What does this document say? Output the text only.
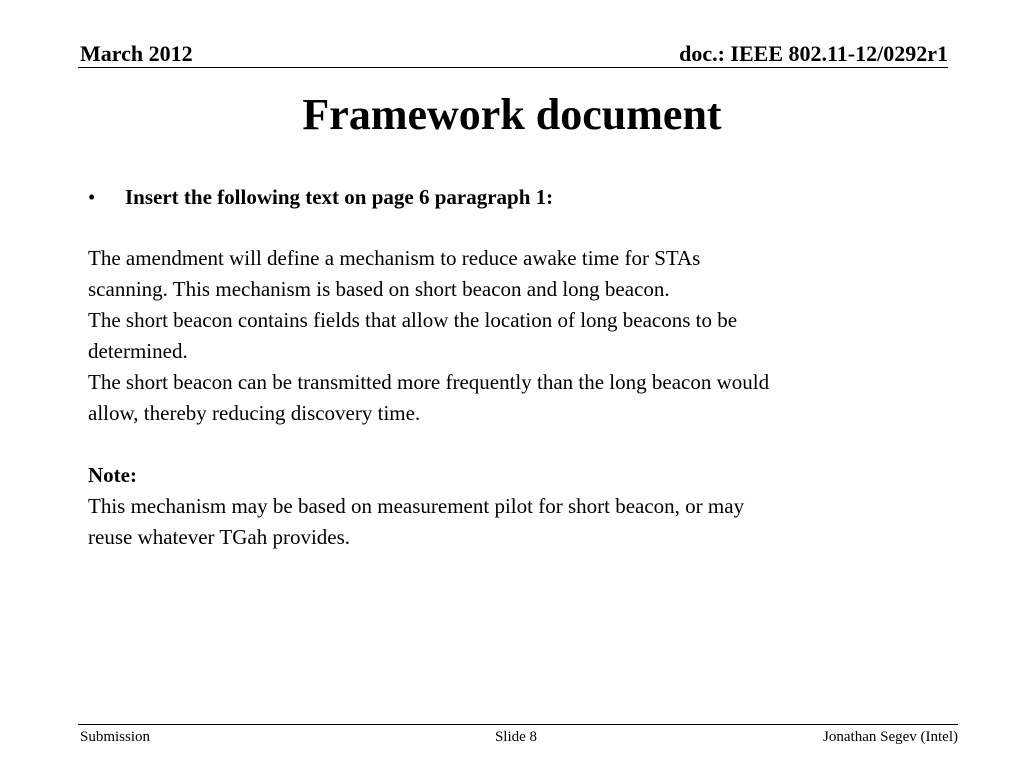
March 2012	doc.: IEEE 802.11-12/0292r1
Framework document
• Insert the following text on page 6 paragraph 1:

The amendment will define a mechanism to reduce awake time for STAs

scanning. This mechanism is based on short beacon and long beacon.

The short beacon contains fields that allow the location of long beacons to be

determined.

The short beacon can be transmitted more frequently than the long beacon would

allow, thereby reducing discovery time.

Note:

This mechanism may be based on measurement pilot for short beacon, or may

reuse whatever TGah provides.

Submission	Slide 8	Jonathan Segev (Intel)
